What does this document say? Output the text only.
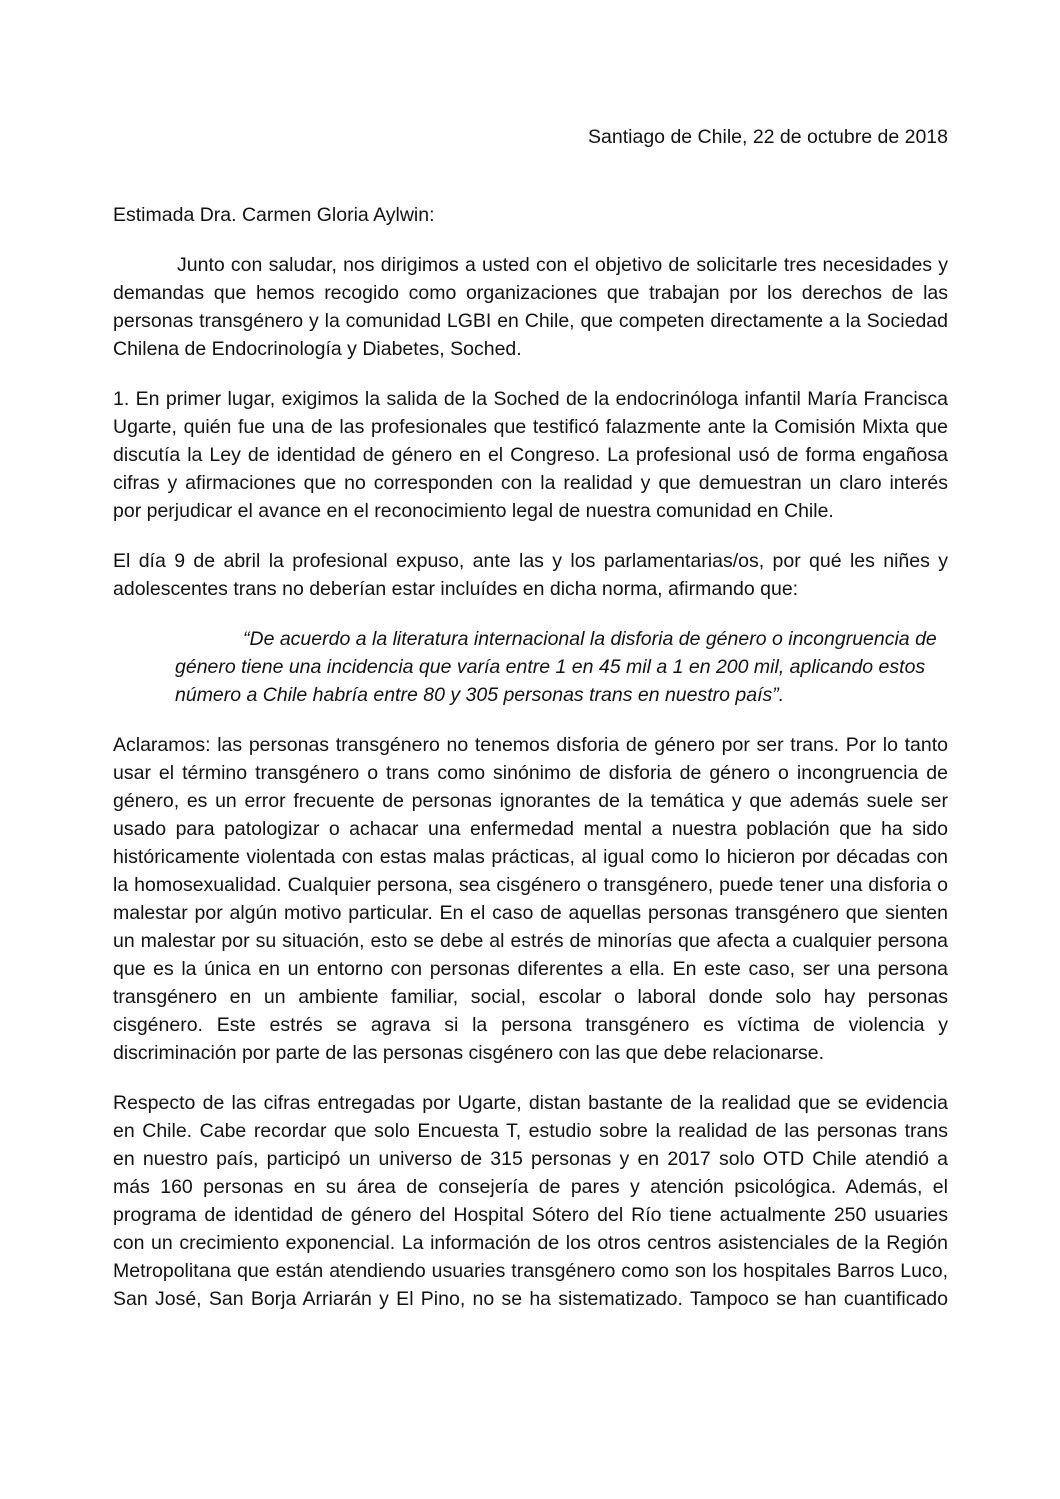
Santiago de Chile, 22 de octubre de 2018
Estimada Dra. Carmen Gloria Aylwin:
Junto con saludar, nos dirigimos a usted con el objetivo de solicitarle tres necesidades y
demandas que hemos recogido como organizaciones que trabajan por los derechos de las
personas transgénero y la comunidad LGBI en Chile, que competen directamente a la Sociedad
Chilena de Endocrinología y Diabetes, Soched.
1. En primer lugar, exigimos la salida de la Soched de la endocrinóloga infantil María Francisca
Ugarte, quién fue una de las profesionales que testificó falazmente ante la Comisión Mixta que
discutía la Ley de identidad de género en el Congreso. La profesional usó de forma engañosa
cifras y afirmaciones que no corresponden con la realidad y que demuestran un claro interés
por perjudicar el avance en el reconocimiento legal de nuestra comunidad en Chile.
El día 9 de abril la profesional expuso, ante las y los parlamentarias/os, por qué les niñes y
adolescentes trans no deberían estar incluídes en dicha norma, afirmando que:
“De acuerdo a la literatura internacional la disforia de género o incongruencia de
género tiene una incidencia que varía entre 1 en 45 mil a 1 en 200 mil, aplicando estos
número a Chile habría entre 80 y 305 personas trans en nuestro país”.
Aclaramos: las personas transgénero no tenemos disforia de género por ser trans. Por lo tanto
usar el término transgénero o trans como sinónimo de disforia de género o incongruencia de
género, es un error frecuente de personas ignorantes de la temática y que además suele ser
usado para patologizar o achacar una enfermedad mental a nuestra población que ha sido
históricamente violentada con estas malas prácticas, al igual como lo hicieron por décadas con
la homosexualidad. Cualquier persona, sea cisgénero o transgénero, puede tener una disforia o
malestar por algún motivo particular. En el caso de aquellas personas transgénero que sienten
un malestar por su situación, esto se debe al estrés de minorías que afecta a cualquier persona
que es la única en un entorno con personas diferentes a ella. En este caso, ser una persona
transgénero en un ambiente familiar, social, escolar o laboral donde solo hay personas
cisgénero. Este estrés se agrava si la persona transgénero es víctima de violencia y
discriminación por parte de las personas cisgénero con las que debe relacionarse.
Respecto de las cifras entregadas por Ugarte, distan bastante de la realidad que se evidencia
en Chile. Cabe recordar que solo Encuesta T, estudio sobre la realidad de las personas trans
en nuestro país, participó un universo de 315 personas y en 2017 solo OTD Chile atendió a
más 160 personas en su área de consejería de pares y atención psicológica. Además, el
programa de identidad de género del Hospital Sótero del Río tiene actualmente 250 usuaries
con un crecimiento exponencial. La información de los otros centros asistenciales de la Región
Metropolitana que están atendiendo usuaries transgénero como son los hospitales Barros Luco,
San José, San Borja Arriarán y El Pino, no se ha sistematizado. Tampoco se han cuantificado
